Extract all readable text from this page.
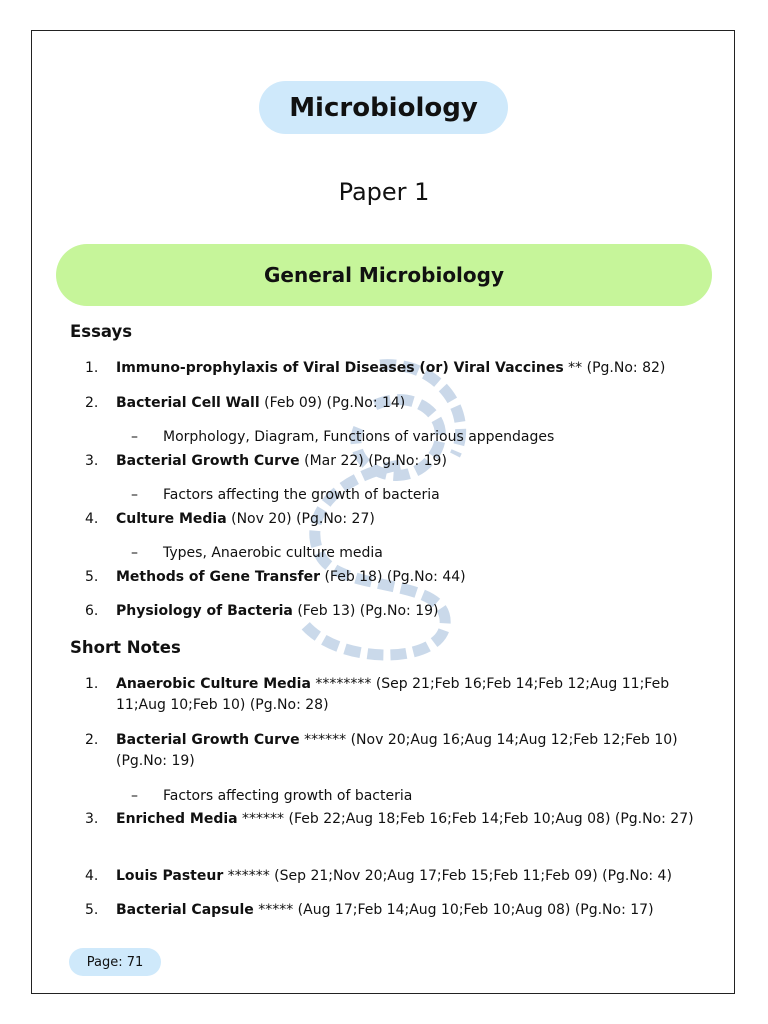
Microbiology
Paper 1
General Microbiology
Essays
1.	Immuno-prophylaxis of Viral Diseases (or) Viral Vaccines ** (Pg.No: 82)
2.	Bacterial Cell Wall (Feb 09) (Pg.No: 14)
– Morphology, Diagram, Functions of various appendages
3.	Bacterial Growth Curve (Mar 22) (Pg.No: 19)
– Factors affecting the growth of bacteria
4.	Culture Media (Nov 20) (Pg.No: 27)
– Types, Anaerobic culture media
5.	Methods of Gene Transfer (Feb 18) (Pg.No: 44)
6.	Physiology of Bacteria (Feb 13) (Pg.No: 19)
Short Notes
1.	Anaerobic Culture Media ******** (Sep 21;Feb 16;Feb 14;Feb 12;Aug 11;Feb 11;Aug 10;Feb 10) (Pg.No: 28)
2.	Bacterial Growth Curve ****** (Nov 20;Aug 16;Aug 14;Aug 12;Feb 12;Feb 10) (Pg.No: 19)
– Factors affecting growth of bacteria
3.	Enriched Media ****** (Feb 22;Aug 18;Feb 16;Feb 14;Feb 10;Aug 08) (Pg.No: 27)
4.	Louis Pasteur ****** (Sep 21;Nov 20;Aug 17;Feb 15;Feb 11;Feb 09) (Pg.No: 4)
5.	Bacterial Capsule ***** (Aug 17;Feb 14;Aug 10;Feb 10;Aug 08) (Pg.No: 17)
Page: 71
